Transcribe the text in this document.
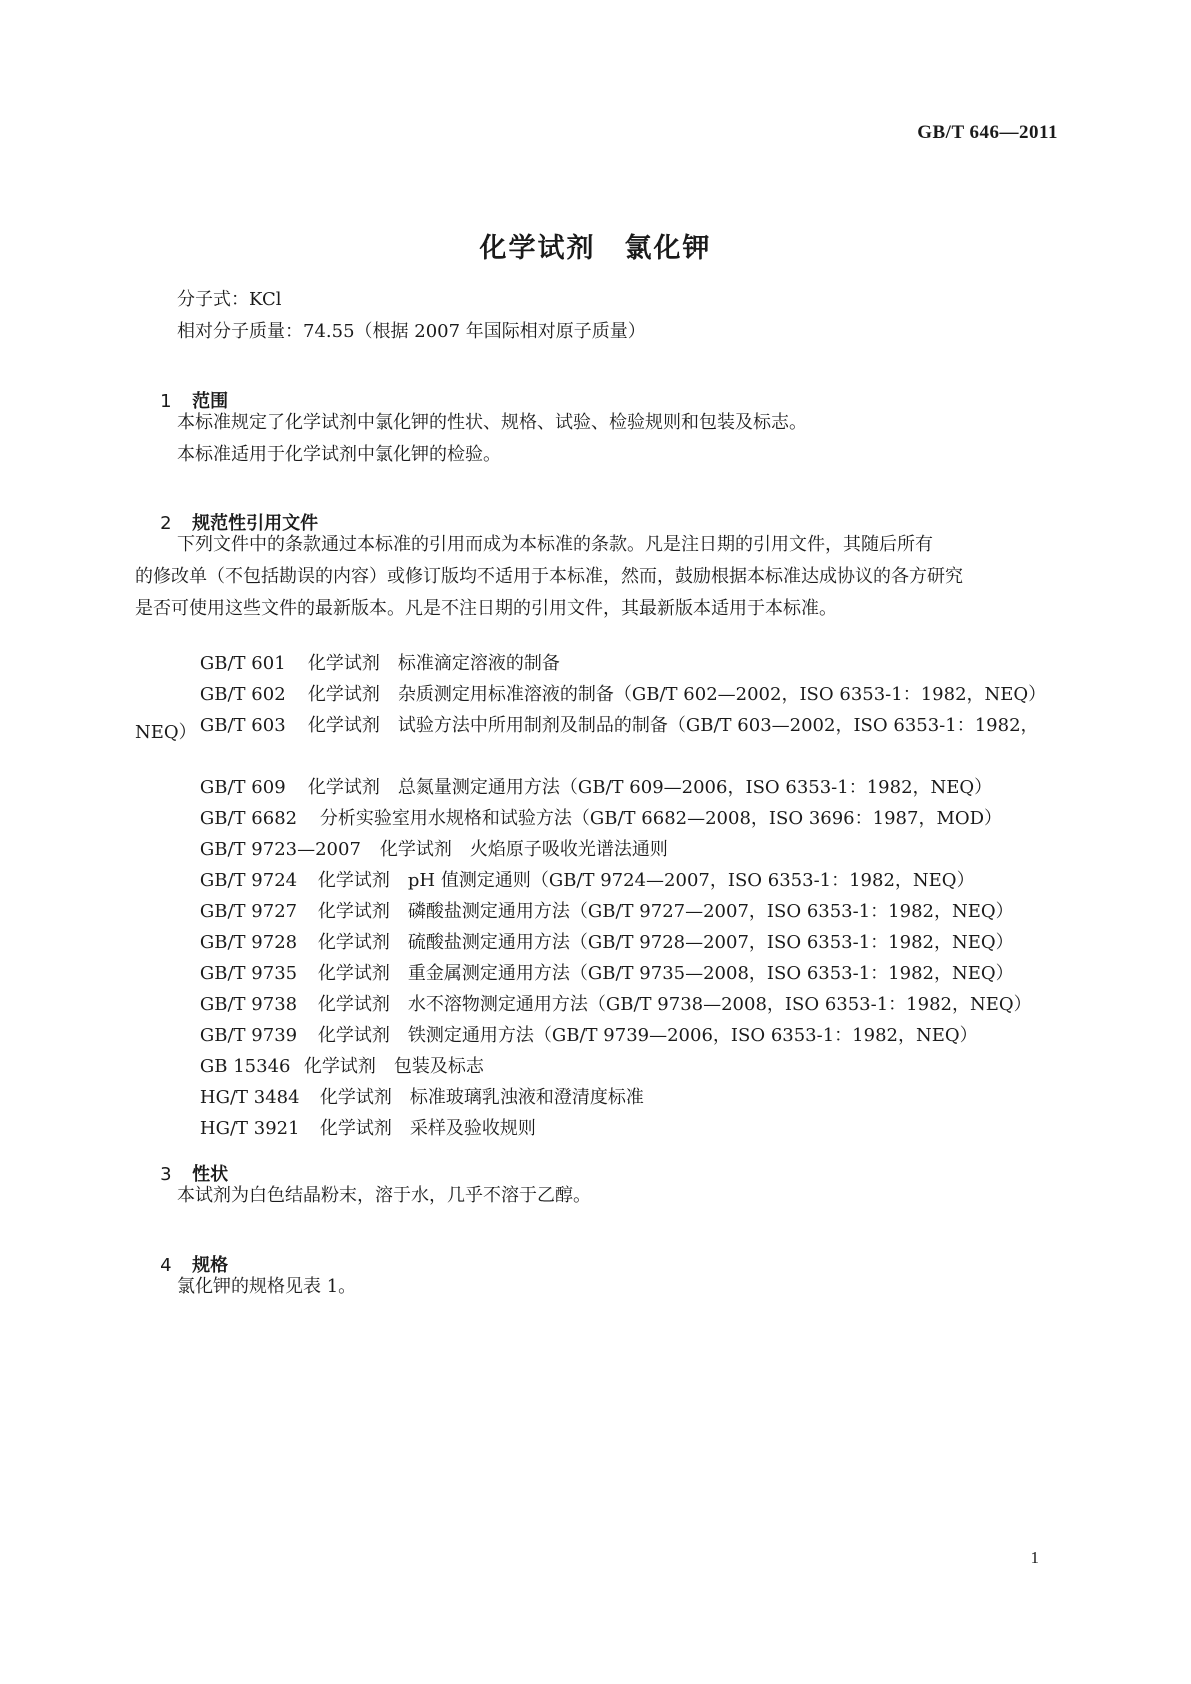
GB/T 646—2011
化学试剂　氯化钾
分子式：KCl
相对分子质量：74.55（根据 2007 年国际相对原子质量）

1 范围

本标准规定了化学试剂中氯化钾的性状、规格、试验、检验规则和包装及标志。
本标准适用于化学试剂中氯化钾的检验。

2 规范性引用文件

下列文件中的条款通过本标准的引用而成为本标准的条款。凡是注日期的引用文件，其随后所有
的修改单（不包括勘误的内容）或修订版均不适用于本标准，然而，鼓励根据本标准达成协议的各方研究
是否可使用这些文件的最新版本。凡是不注日期的引用文件，其最新版本适用于本标准。

GB/T 601 化学试剂　标准滴定溶液的制备

GB/T 602 化学试剂　杂质测定用标准溶液的制备（GB/T 602—2002，ISO 6353-1：1982，NEQ）

GB/T 603 化学试剂　试验方法中所用制剂及制品的制备（GB/T 603—2002，ISO 6353-1：1982，

NEQ）

GB/T 609 化学试剂　总氮量测定通用方法（GB/T 609—2006，ISO 6353-1：1982，NEQ）

GB/T 6682 分析实验室用水规格和试验方法（GB/T 6682—2008，ISO 3696：1987，MOD）

GB/T 9723—2007 化学试剂　火焰原子吸收光谱法通则

GB/T 9724 化学试剂　pH 值测定通则（GB/T 9724—2007，ISO 6353-1：1982，NEQ）

GB/T 9727 化学试剂　磷酸盐测定通用方法（GB/T 9727—2007，ISO 6353-1：1982，NEQ）

GB/T 9728 化学试剂　硫酸盐测定通用方法（GB/T 9728—2007，ISO 6353-1：1982，NEQ）

GB/T 9735 化学试剂　重金属测定通用方法（GB/T 9735—2008，ISO 6353-1：1982，NEQ）

GB/T 9738 化学试剂　水不溶物测定通用方法（GB/T 9738—2008，ISO 6353-1：1982，NEQ）

GB/T 9739 化学试剂　铁测定通用方法（GB/T 9739—2006，ISO 6353-1：1982，NEQ）

GB 15346 化学试剂　包装及标志

HG/T 3484 化学试剂　标准玻璃乳浊液和澄清度标准

HG/T 3921 化学试剂　采样及验收规则

3 性状

本试剂为白色结晶粉末，溶于水，几乎不溶于乙醇。

4 规格

氯化钾的规格见表 1。
1
